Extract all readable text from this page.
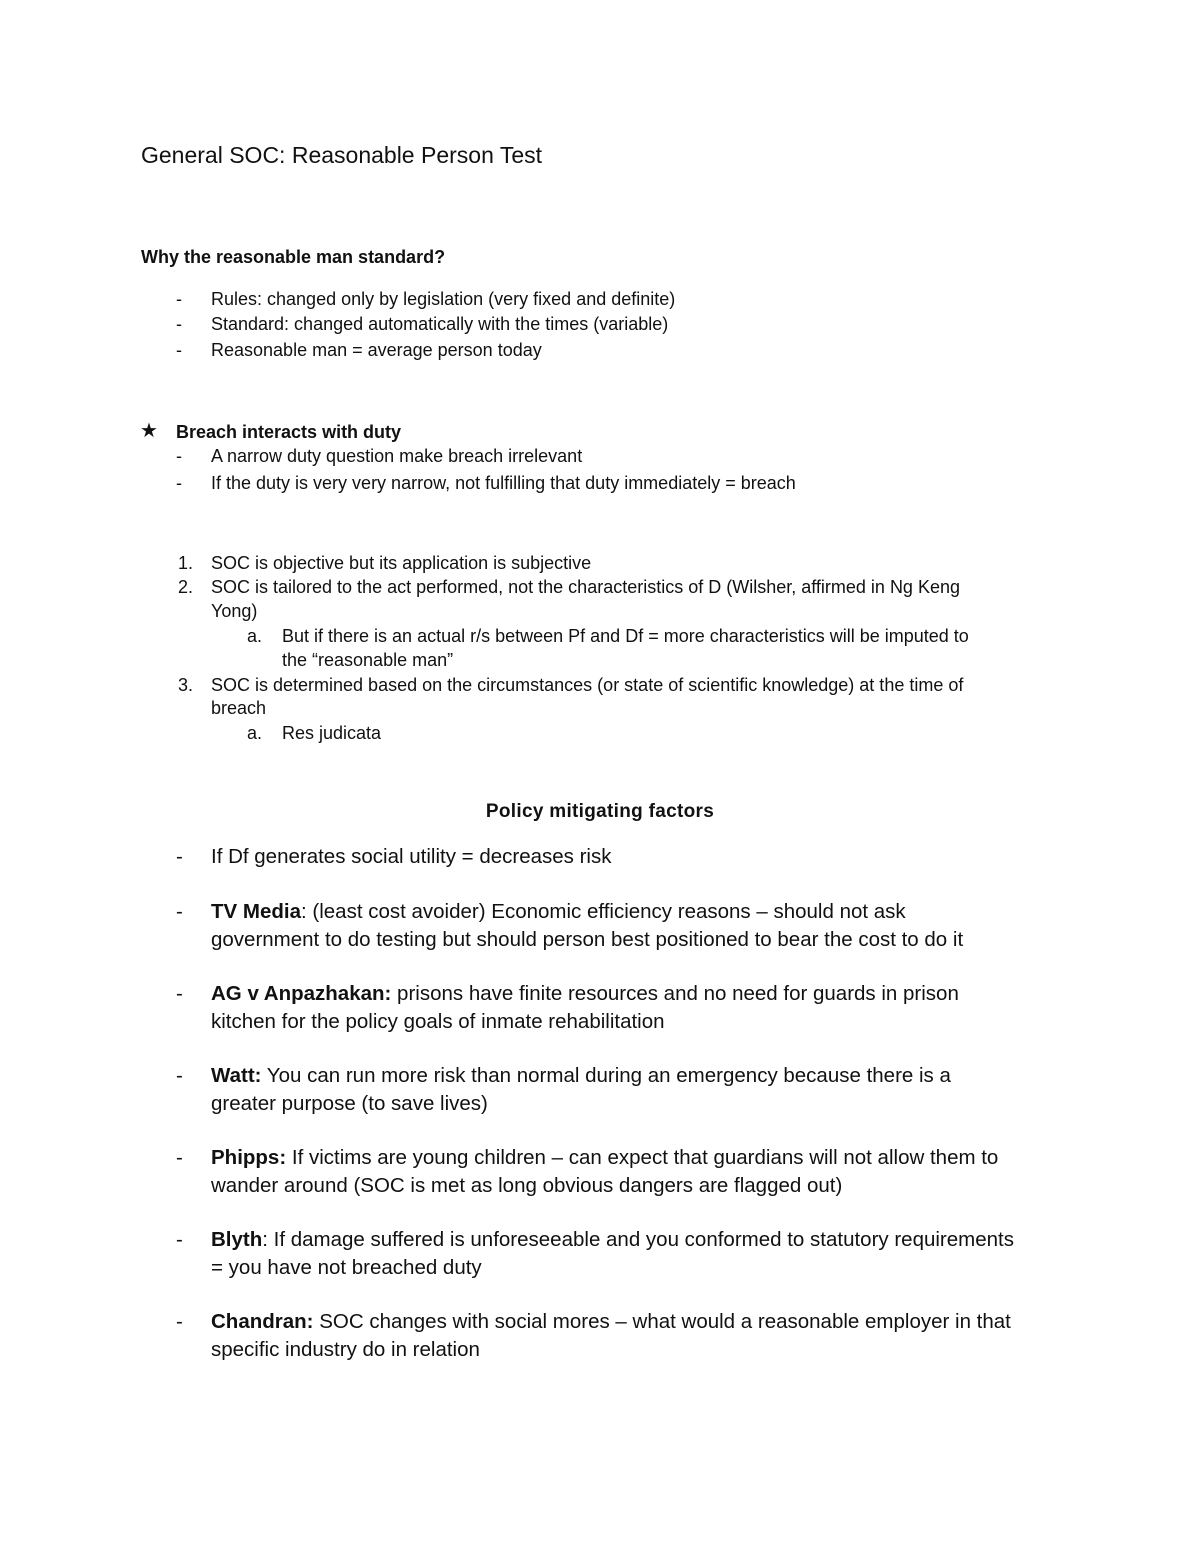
General SOC: Reasonable Person Test
Why the reasonable man standard?
- Rules: changed only by legislation (very fixed and definite)
- Standard: changed automatically with the times (variable)
- Reasonable man = average person today
★ Breach interacts with duty
- A narrow duty question make breach irrelevant
- If the duty is very very narrow, not fulfilling that duty immediately = breach
1. SOC is objective but its application is subjective
2. SOC is tailored to the act performed, not the characteristics of D (Wilsher, affirmed in Ng Keng
Yong)
a. But if there is an actual r/s between Pf and Df = more characteristics will be imputed to
the “reasonable man”
3. SOC is determined based on the circumstances (or state of scientific knowledge) at the time of
breach
a. Res judicata
Policy mitigating factors
- If Df generates social utility = decreases risk
- TV Media: (least cost avoider) Economic efficiency reasons – should not ask
government to do testing but should person best positioned to bear the cost to do it
- AG v Anpazhakan: prisons have finite resources and no need for guards in prison
kitchen for the policy goals of inmate rehabilitation
- Watt: You can run more risk than normal during an emergency because there is a
greater purpose (to save lives)
- Phipps: If victims are young children – can expect that guardians will not allow them to
wander around (SOC is met as long obvious dangers are flagged out)
- Blyth: If damage suffered is unforeseeable and you conformed to statutory requirements
= you have not breached duty
- Chandran: SOC changes with social mores – what would a reasonable employer in that
specific industry do in relation
